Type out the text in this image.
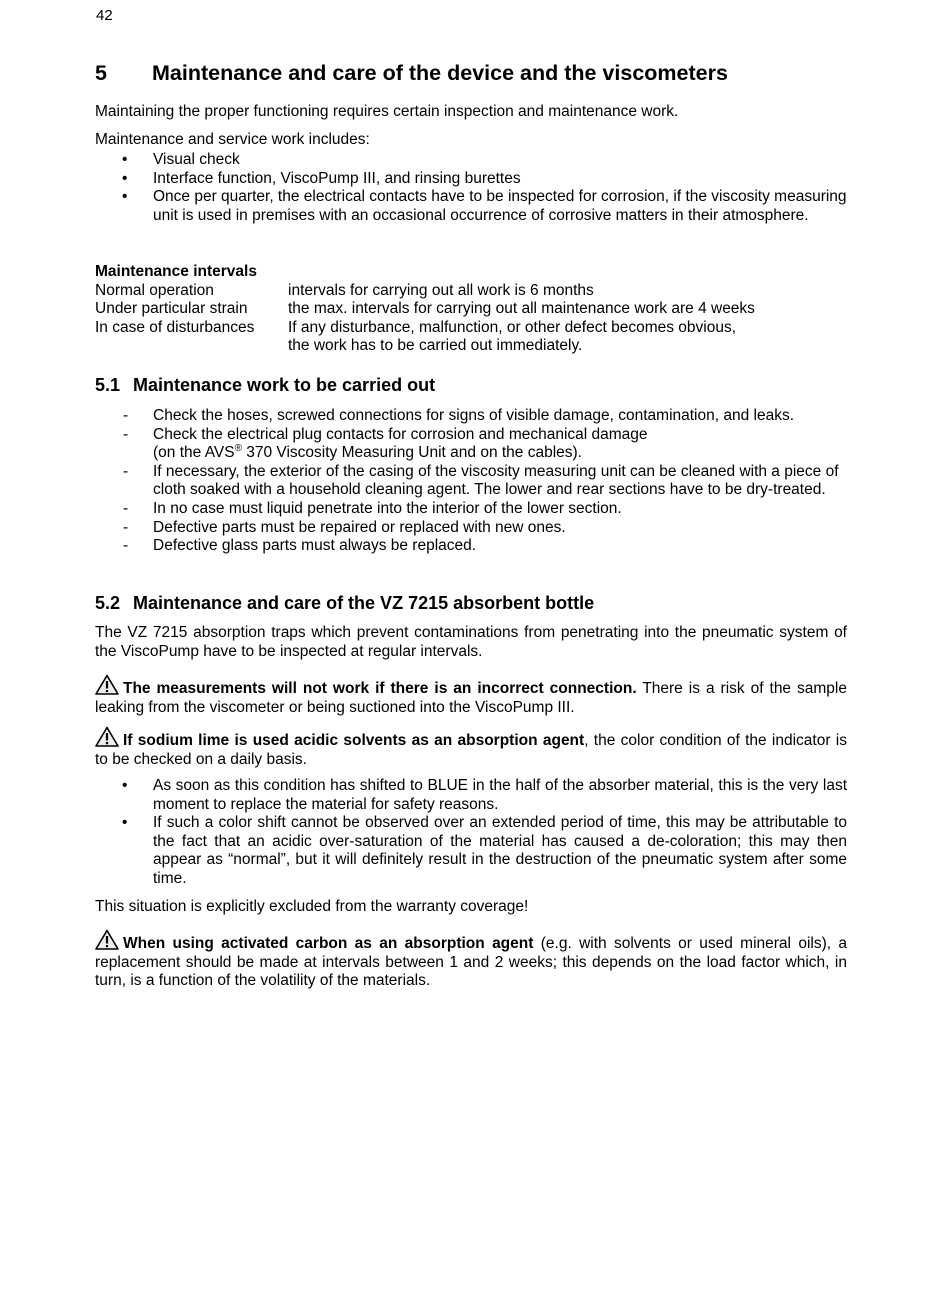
42
5 Maintenance and care of the device and the viscometers
Maintaining the proper functioning requires certain inspection and maintenance work.
Maintenance and service work includes:
• Visual check
• Interface function, ViscoPump III, and rinsing burettes
• Once per quarter, the electrical contacts have to be inspected for corrosion, if the viscosity measuring unit is used in premises with an occasional occurrence of corrosive matters in their atmosphere.
Maintenance intervals
Normal operation	intervals for carrying out all work is 6 months
Under particular strain	the max. intervals for carrying out all maintenance work are 4 weeks
In case of disturbances	If any disturbance, malfunction, or other defect becomes obvious, the work has to be carried out immediately.
5.1 Maintenance work to be carried out
- Check the hoses, screwed connections for signs of visible damage, contamination, and leaks.
- Check the electrical plug contacts for corrosion and mechanical damage
(on the AVS® 370 Viscosity Measuring Unit and on the cables).
- If necessary, the exterior of the casing of the viscosity measuring unit can be cleaned with a piece of cloth soaked with a household cleaning agent. The lower and rear sections have to be dry-treated.
- In no case must liquid penetrate into the interior of the lower section.
- Defective parts must be repaired or replaced with new ones.
- Defective glass parts must always be replaced.
5.2 Maintenance and care of the VZ 7215 absorbent bottle
The VZ 7215 absorption traps which prevent contaminations from penetrating into the pneumatic system of the ViscoPump have to be inspected at regular intervals.
The measurements will not work if there is an incorrect connection. There is a risk of the sample leaking from the viscometer or being suctioned into the ViscoPump III.
If sodium lime is used acidic solvents as an absorption agent, the color condition of the indicator is to be checked on a daily basis.
• As soon as this condition has shifted to BLUE in the half of the absorber material, this is the very last moment to replace the material for safety reasons.
• If such a color shift cannot be observed over an extended period of time, this may be attributable to the fact that an acidic over-saturation of the material has caused a de-coloration; this may then appear as “normal”, but it will definitely result in the destruction of the pneumatic system after some time.
This situation is explicitly excluded from the warranty coverage!
When using activated carbon as an absorption agent (e.g. with solvents or used mineral oils), a replacement should be made at intervals between 1 and 2 weeks; this depends on the load factor which, in turn, is a function of the volatility of the materials.
